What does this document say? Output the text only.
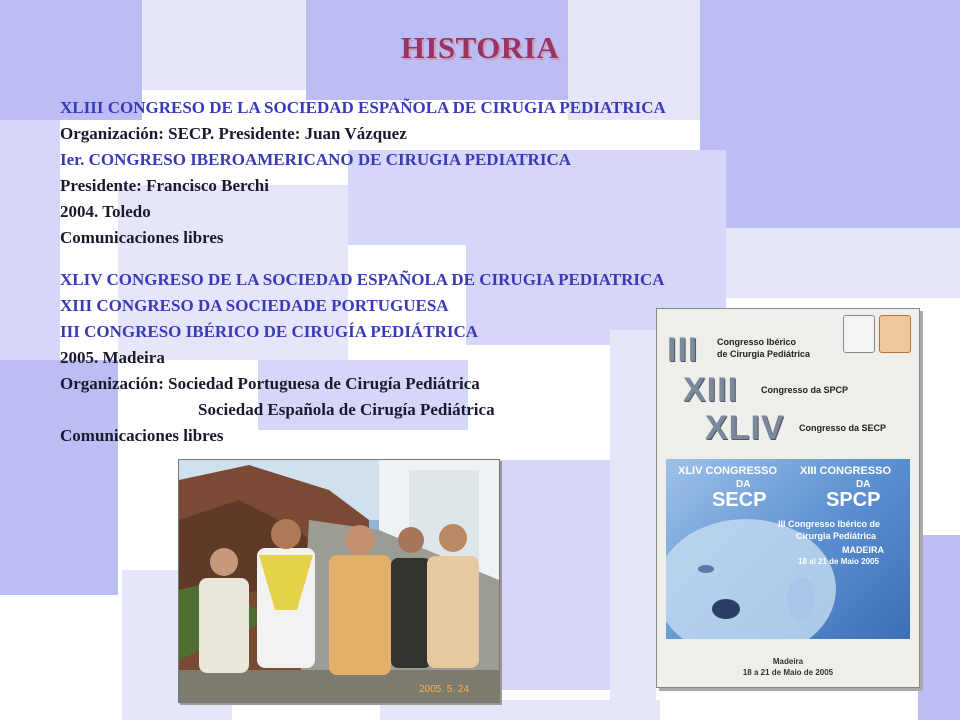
HISTORIA
XLIII CONGRESO DE LA SOCIEDAD ESPAÑOLA DE CIRUGIA PEDIATRICA
Organización: SECP. Presidente: Juan Vázquez
Ier. CONGRESO IBEROAMERICANO DE CIRUGIA PEDIATRICA
Presidente: Francisco Berchi
2004. Toledo
Comunicaciones libres
XLIV CONGRESO DE LA SOCIEDAD ESPAÑOLA DE CIRUGIA PEDIATRICA
XIII CONGRESO DA SOCIEDADE PORTUGUESA
III CONGRESO IBÉRICO DE CIRUGÍA PEDIÁTRICA
2005. Madeira
Organización: Sociedad Portuguesa de Cirugía Pediátrica
Sociedad Española de Cirugía Pediátrica
Comunicaciones libres
2005. 5. 24
III Congresso Ibérico
de Cirurgia Pediátrica
XIII	Congresso da SPCP
XLIV Congresso da SECP
XLIV CONGRESSO
DA
SECP
XIII CONGRESSO
DA
SPCP
III Congresso Ibérico de
Cirurgia Pediátrica
MADEIRA
18 al 21 de Maio 2005
Madeira
18 a 21 de Maio de 2005
